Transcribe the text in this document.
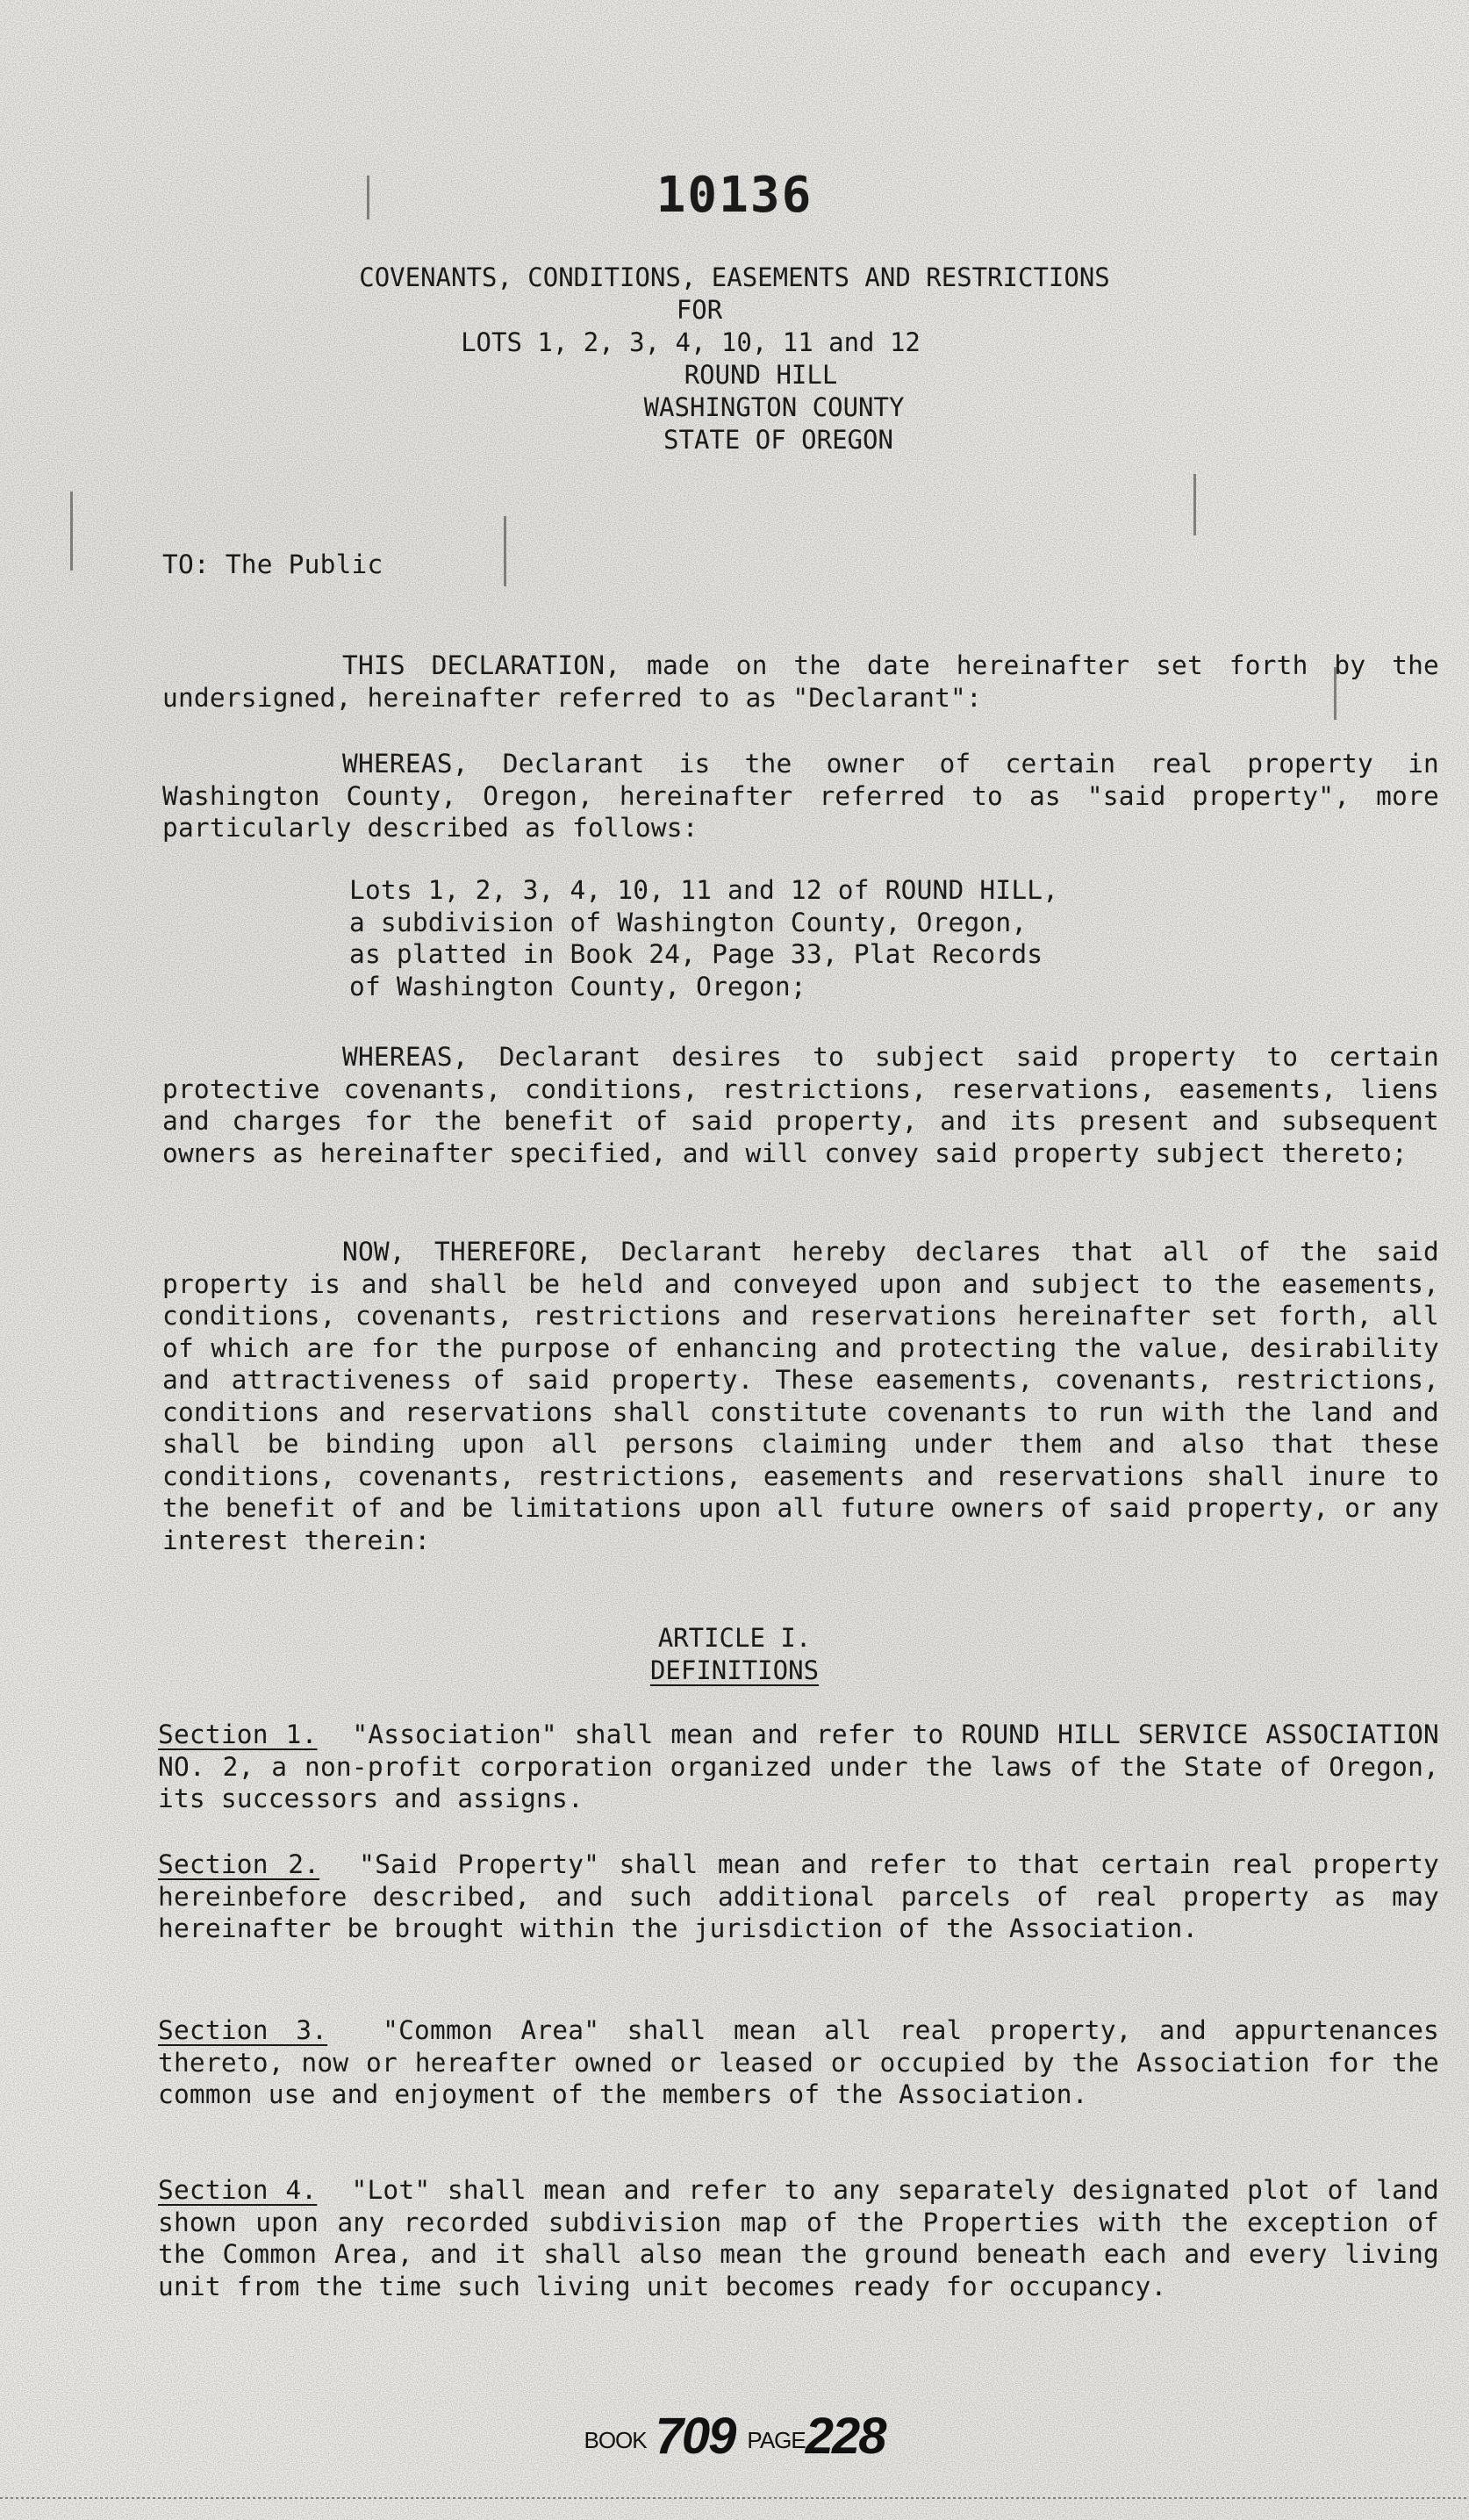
10136
COVENANTS, CONDITIONS, EASEMENTS AND RESTRICTIONS
FOR
LOTS 1, 2, 3, 4, 10, 11 and 12
ROUND HILL
WASHINGTON COUNTY
STATE OF OREGON
TO: The Public
THIS DECLARATION, made on the date hereinafter set forth by the undersigned, hereinafter referred to as "Declarant":
WHEREAS, Declarant is the owner of certain real property in Washington County, Oregon, hereinafter referred to as "said property", more particularly described as follows:
Lots 1, 2, 3, 4, 10, 11 and 12 of ROUND HILL,
a subdivision of Washington County, Oregon,
as platted in Book 24, Page 33, Plat Records
of Washington County, Oregon;
WHEREAS, Declarant desires to subject said property to certain protective covenants, conditions, restrictions, reservations, easements, liens and charges for the benefit of said property, and its present and subsequent owners as hereinafter specified, and will convey said property subject thereto;
NOW, THEREFORE, Declarant hereby declares that all of the said property is and shall be held and conveyed upon and subject to the easements, conditions, covenants, restrictions and reservations hereinafter set forth, all of which are for the purpose of enhancing and protecting the value, desirability and attractiveness of said property. These easements, covenants, restrictions, conditions and reservations shall constitute covenants to run with the land and shall be binding upon all persons claiming under them and also that these conditions, covenants, restrictions, easements and reservations shall inure to the benefit of and be limitations upon all future owners of said property, or any interest therein:
ARTICLE I.
DEFINITIONS
Section 1. "Association" shall mean and refer to ROUND HILL SERVICE ASSOCIATION NO. 2, a non-profit corporation organized under the laws of the State of Oregon, its successors and assigns.
Section 2. "Said Property" shall mean and refer to that certain real property hereinbefore described, and such additional parcels of real property as may hereinafter be brought within the jurisdiction of the Association.
Section 3. "Common Area" shall mean all real property, and appurtenances thereto, now or hereafter owned or leased or occupied by the Association for the common use and enjoyment of the members of the Association.
Section 4. "Lot" shall mean and refer to any separately designated plot of land shown upon any recorded subdivision map of the Properties with the exception of the Common Area, and it shall also mean the ground beneath each and every living unit from the time such living unit becomes ready for occupancy.
BOOK 709 PAGE228
